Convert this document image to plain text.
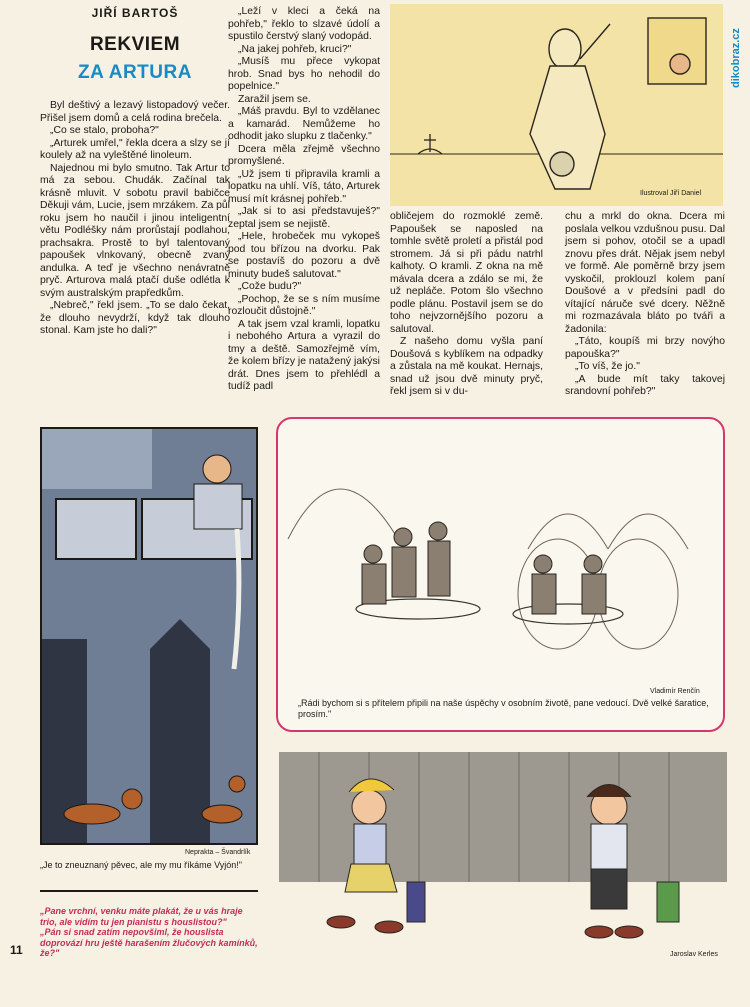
JIŘÍ BARTOŠ
REKVIEM
ZA ARTURA

Byl deštivý a lezavý listopadový večer. Přišel jsem domů a celá rodina brečela.

„Co se stalo, proboha?"

„Arturek umřel," řekla dcera a slzy se jí koulely až na vyleštěné linoleum.

Najednou mi bylo smutno. Tak Artur to má za sebou. Chudák. Začínal tak krásně mluvit. V sobotu pravil babičce Děkuji vám, Lucie, jsem mrzákem. Za půl roku jsem ho naučil i jinou inteligentní větu Podléšky nám prorůstají podlahou, prachsakra. Prostě to byl talentovaný papoušek vlnkovaný, obecně zvaný andulka. A teď je všechno nenávratně pryč. Arturova malá ptačí duše odlétla k svým australským prapředkům.

„Nebreč," řekl jsem. „To se dalo čekat, že dlouho nevydrží, když tak dlouho stonal. Kam jste ho dali?"

„Leží v kleci a čeká na pohřeb," řeklo to slzavé údolí a spustilo čerstvý slaný vodopád.

„Na jakej pohřeb, kruci?"

„Musíš mu přece vykopat hrob. Snad bys ho nehodil do popelnice."

Zaražil jsem se.

„Máš pravdu. Byl to vzdělanec a kamarád. Nemůžeme ho odhodit jako slupku z tlačenky."

Dcera měla zřejmě všechno promyšlené.

„Už jsem ti připravila kramli a lopatku na uhlí. Víš, táto, Arturek musí mít krásnej pohřeb."

„Jak si to asi představuješ?" zeptal jsem se nejistě.

„Hele, hrobeček mu vykopeš pod tou břízou na dvorku. Pak se postavíš do pozoru a dvě minuty budeš salutovat."

„Cože budu?"

„Pochop, že se s ním musíme rozloučit důstojně."

A tak jsem vzal kramli, lopatku i nebohého Artura a vyrazil do tmy a deště. Samozřejmě vím, že kolem břízy je natažený jakýsi drát. Dnes jsem to přehlédl a tudíž padl

obličejem do rozmoklé země. Papoušek se naposled na tomhle světě proletí a přistál pod stromem. Já si při pádu natrhl kalhoty. O kramli. Z okna na mě mávala dcera a zdálo se mi, že už nepláče. Potom šlo všechno podle plánu. Postavil jsem se do toho nejvzornějšího pozoru a salutoval.

Z našeho domu vyšla paní Doušová s kyblíkem na odpadky a zůstala na mě koukat. Hernajs, snad už jsou dvě minuty pryč, řekl jsem si v du-

chu a mrkl do okna. Dcera mi poslala velkou vzdušnou pusu. Dal jsem si pohov, otočil se a upadl znovu přes drát. Nějak jsem nebyl ve formě. Ale poměrně brzy jsem vyskočil, proklouzl kolem paní Doušové a v předsíni padl do vítající náruče své dcery. Něžně mi rozmazávala bláto po tváři a žadonila:

„Táto, koupíš mi brzy novýho papouška?"

„To víš, že jo."

„A bude mít taky takovej srandovní pohřeb?"

Ilustroval Jiří Daniel
dikobraz.cz
Neprakta – Švandrlík
„Je to zneuznaný pěvec, ale my mu říkáme Vyjón!"
„Pane vrchní, venku máte plakát, že u vás hraje trio, ale vidím tu jen pianistu s houslistou?"
„Pán si snad zatím nepovšiml, že houslista doprovází hru ještě harašením žlučových kamínků, že?"
11
Vladimír Renčín
„Rádi bychom si s přítelem připili na naše úspěchy v osobním životě, pane vedoucí. Dvě velké šaratice, prosím."
Jaroslav Kerles
